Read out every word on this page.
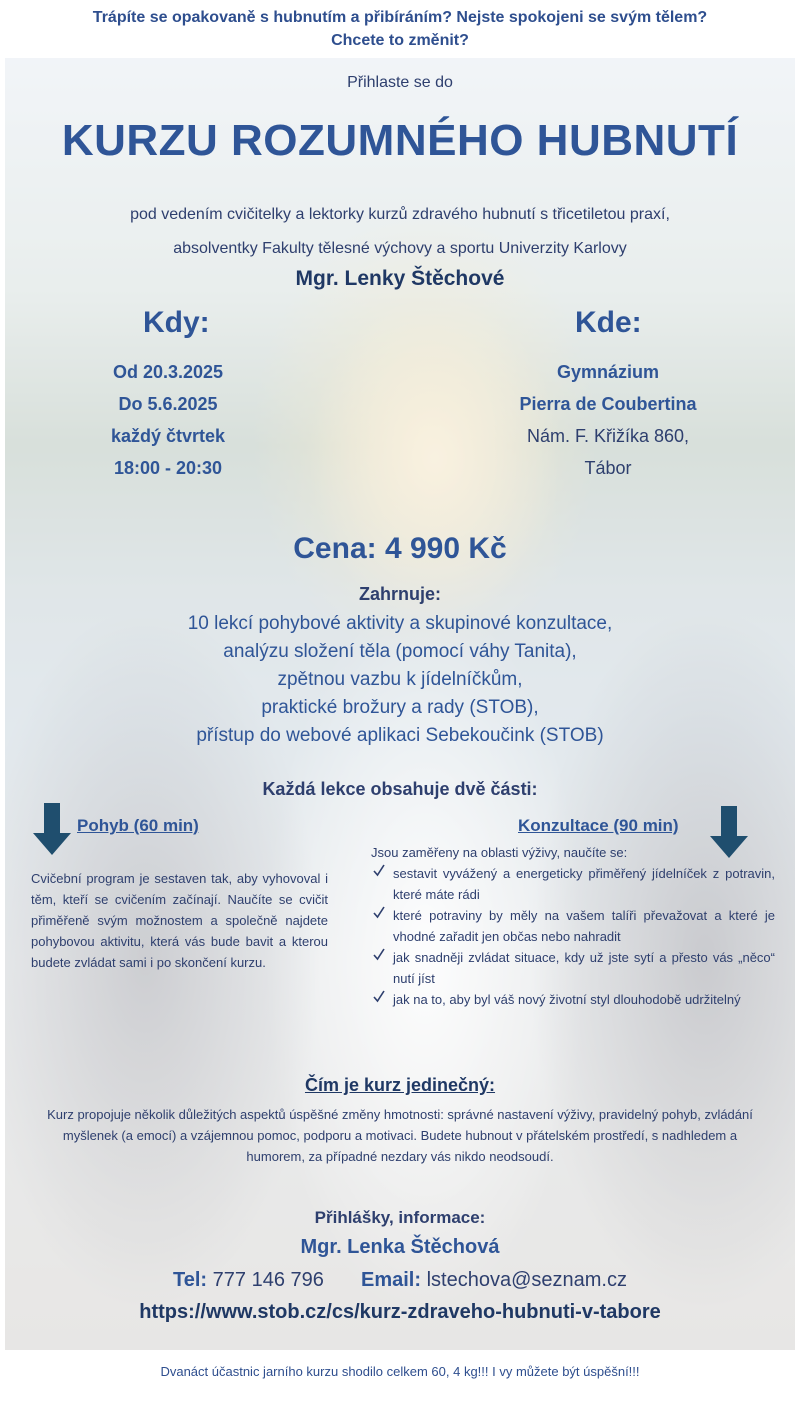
Trápíte se opakovaně s hubnutím a přibíráním? Nejste spokojeni se svým tělem?
Chcete to změnit?
Přihlaste se do
KURZU ROZUMNÉHO HUBNUTÍ
pod vedením cvičitelky a lektorky kurzů zdravého hubnutí s třicetiletou praxí,
absolventky Fakulty tělesné výchovy a sportu Univerzity Karlovy
Mgr. Lenky Štěchové
Kdy:	Kde:
Od 20.3.2025
Do 5.6.2025
každý čtvrtek
18:00 - 20:30
Gymnázium
Pierra de Coubertina
Nám. F. Křižíka 860,
Tábor
Cena: 4 990 Kč
Zahrnuje:
10 lekcí pohybové aktivity a skupinové konzultace,
analýzu složení těla (pomocí váhy Tanita),
zpětnou vazbu k jídelníčkům,
praktické brožury a rady (STOB),
přístup do webové aplikaci Sebekoučink (STOB)
Každá lekce obsahuje dvě části:
Pohyb (60 min)	Konzultace (90 min)
Cvičební program je sestaven tak, aby vyhovoval i těm, kteří se cvičením začínají. Naučíte se cvičit přiměřeně svým možnostem a společně najdete pohybovou aktivitu, která vás bude bavit a kterou budete zvládat sami i po skončení kurzu.
Jsou zaměřeny na oblasti výživy, naučíte se:
sestavit vyvážený a energeticky přiměřený jídelníček z potravin, které máte rádi
které potraviny by měly na vašem talíři převažovat a které je vhodné zařadit jen občas nebo nahradit
jak snadněji zvládat situace, kdy už jste sytí a přesto vás „něco“ nutí jíst
jak na to, aby byl váš nový životní styl dlouhodobě udržitelný
Čím je kurz jedinečný:
Kurz propojuje několik důležitých aspektů úspěšné změny hmotnosti: správné nastavení výživy, pravidelný pohyb, zvládání myšlenek (a emocí) a vzájemnou pomoc, podporu a motivaci. Budete hubnout v přátelském prostředí, s nadhledem a humorem, za případné nezdary vás nikdo neodsoudí.
Přihlášky, informace:
Mgr. Lenka Štěchová
Tel: 777 146 796 Email: lstechova@seznam.cz
https://www.stob.cz/cs/kurz-zdraveho-hubnuti-v-tabore
Dvanáct účastnic jarního kurzu shodilo celkem 60, 4 kg!!! I vy můžete být úspěšní!!!
